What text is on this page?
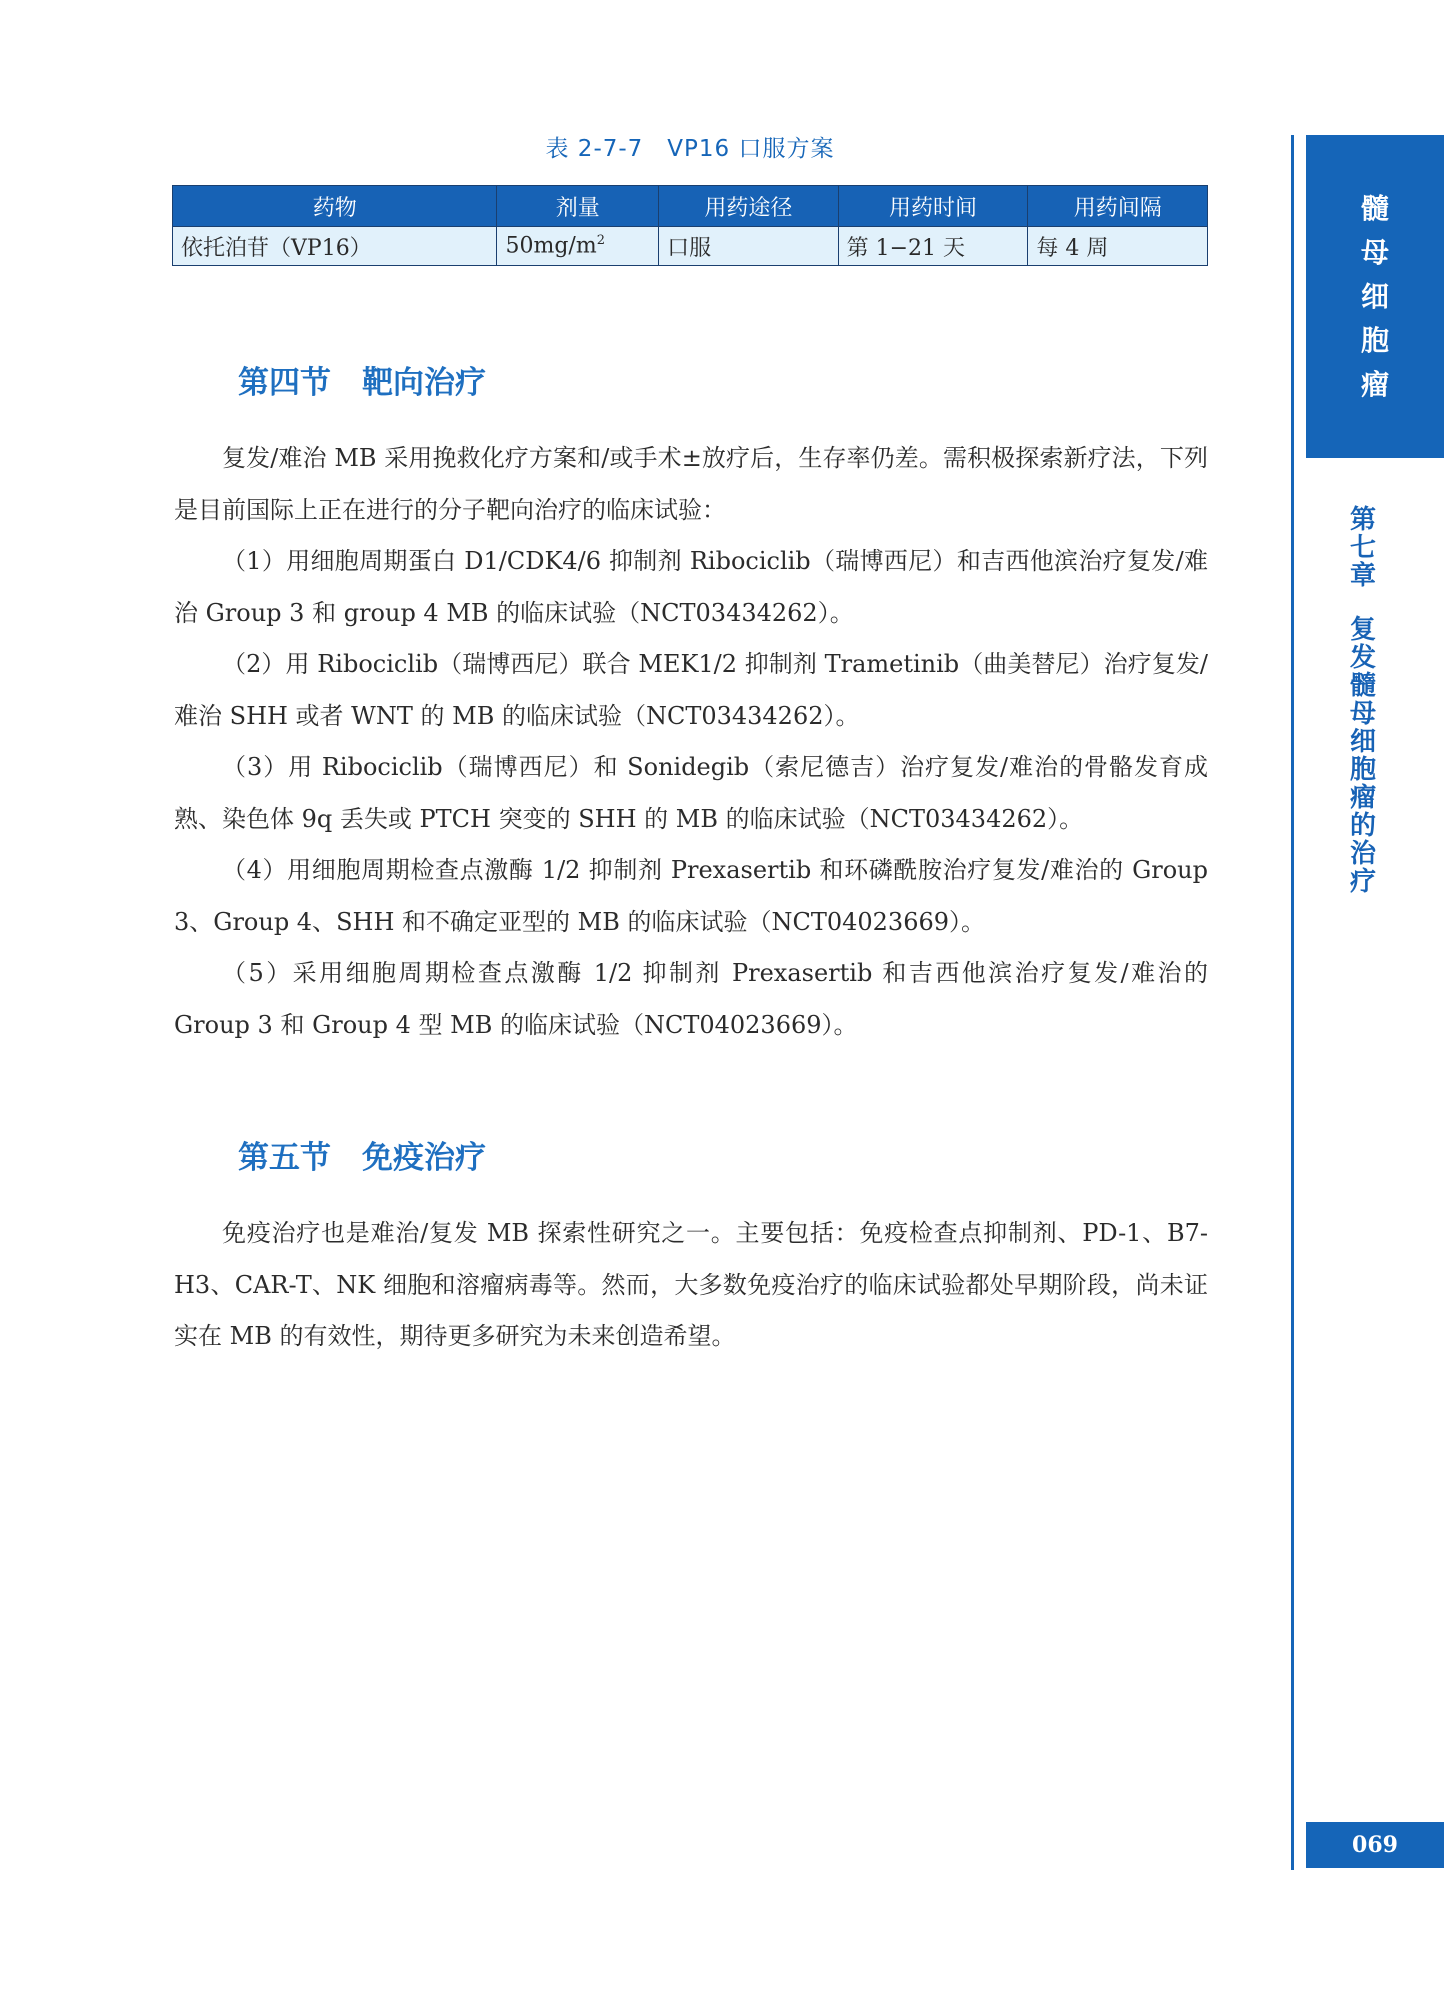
表 2-7-7　VP16 口服方案
药物	剂量	用药途径	用药时间	用药间隔
依托泊苷（VP16）	$50mg/m^2$	口服	第 1−21 天	每 4 周
第四节　靶向治疗

复发/难治 MB 采用挽救化疗方案和/或手术±放疗后，生存率仍差。需积极探索新疗法，下列是目前国际上正在进行的分子靶向治疗的临床试验：

（1）用细胞周期蛋白 D1/CDK4/6 抑制剂 Ribociclib（瑞博西尼）和吉西他滨治疗复发/难治 Group 3 和 group 4 MB 的临床试验（NCT03434262）。

（2）用 Ribociclib（瑞博西尼）联合 MEK1/2 抑制剂 Trametinib（曲美替尼）治疗复发/难治 SHH 或者 WNT 的 MB 的临床试验（NCT03434262）。

（3）用 Ribociclib（瑞博西尼）和 Sonidegib（索尼德吉）治疗复发/难治的骨骼发育成熟、染色体 9q 丢失或 PTCH 突变的 SHH 的 MB 的临床试验（NCT03434262）。

（4）用细胞周期检查点激酶 1/2 抑制剂 Prexasertib 和环磷酰胺治疗复发/难治的 Group 3、Group 4、SHH 和不确定亚型的 MB 的临床试验（NCT04023669）。

（5）采用细胞周期检查点激酶 1/2 抑制剂 Prexasertib 和吉西他滨治疗复发/难治的 Group 3 和 Group 4 型 MB 的临床试验（NCT04023669）。

第五节　免疫治疗

免疫治疗也是难治/复发 MB 探索性研究之一。主要包括：免疫检查点抑制剂、PD-1、B7-H3、CAR-T、NK 细胞和溶瘤病毒等。然而，大多数免疫治疗的临床试验都处早期阶段，尚未证实在 MB 的有效性，期待更多研究为未来创造希望。

髓母细胞瘤
第七章
复发髓母细胞瘤的治疗
069
